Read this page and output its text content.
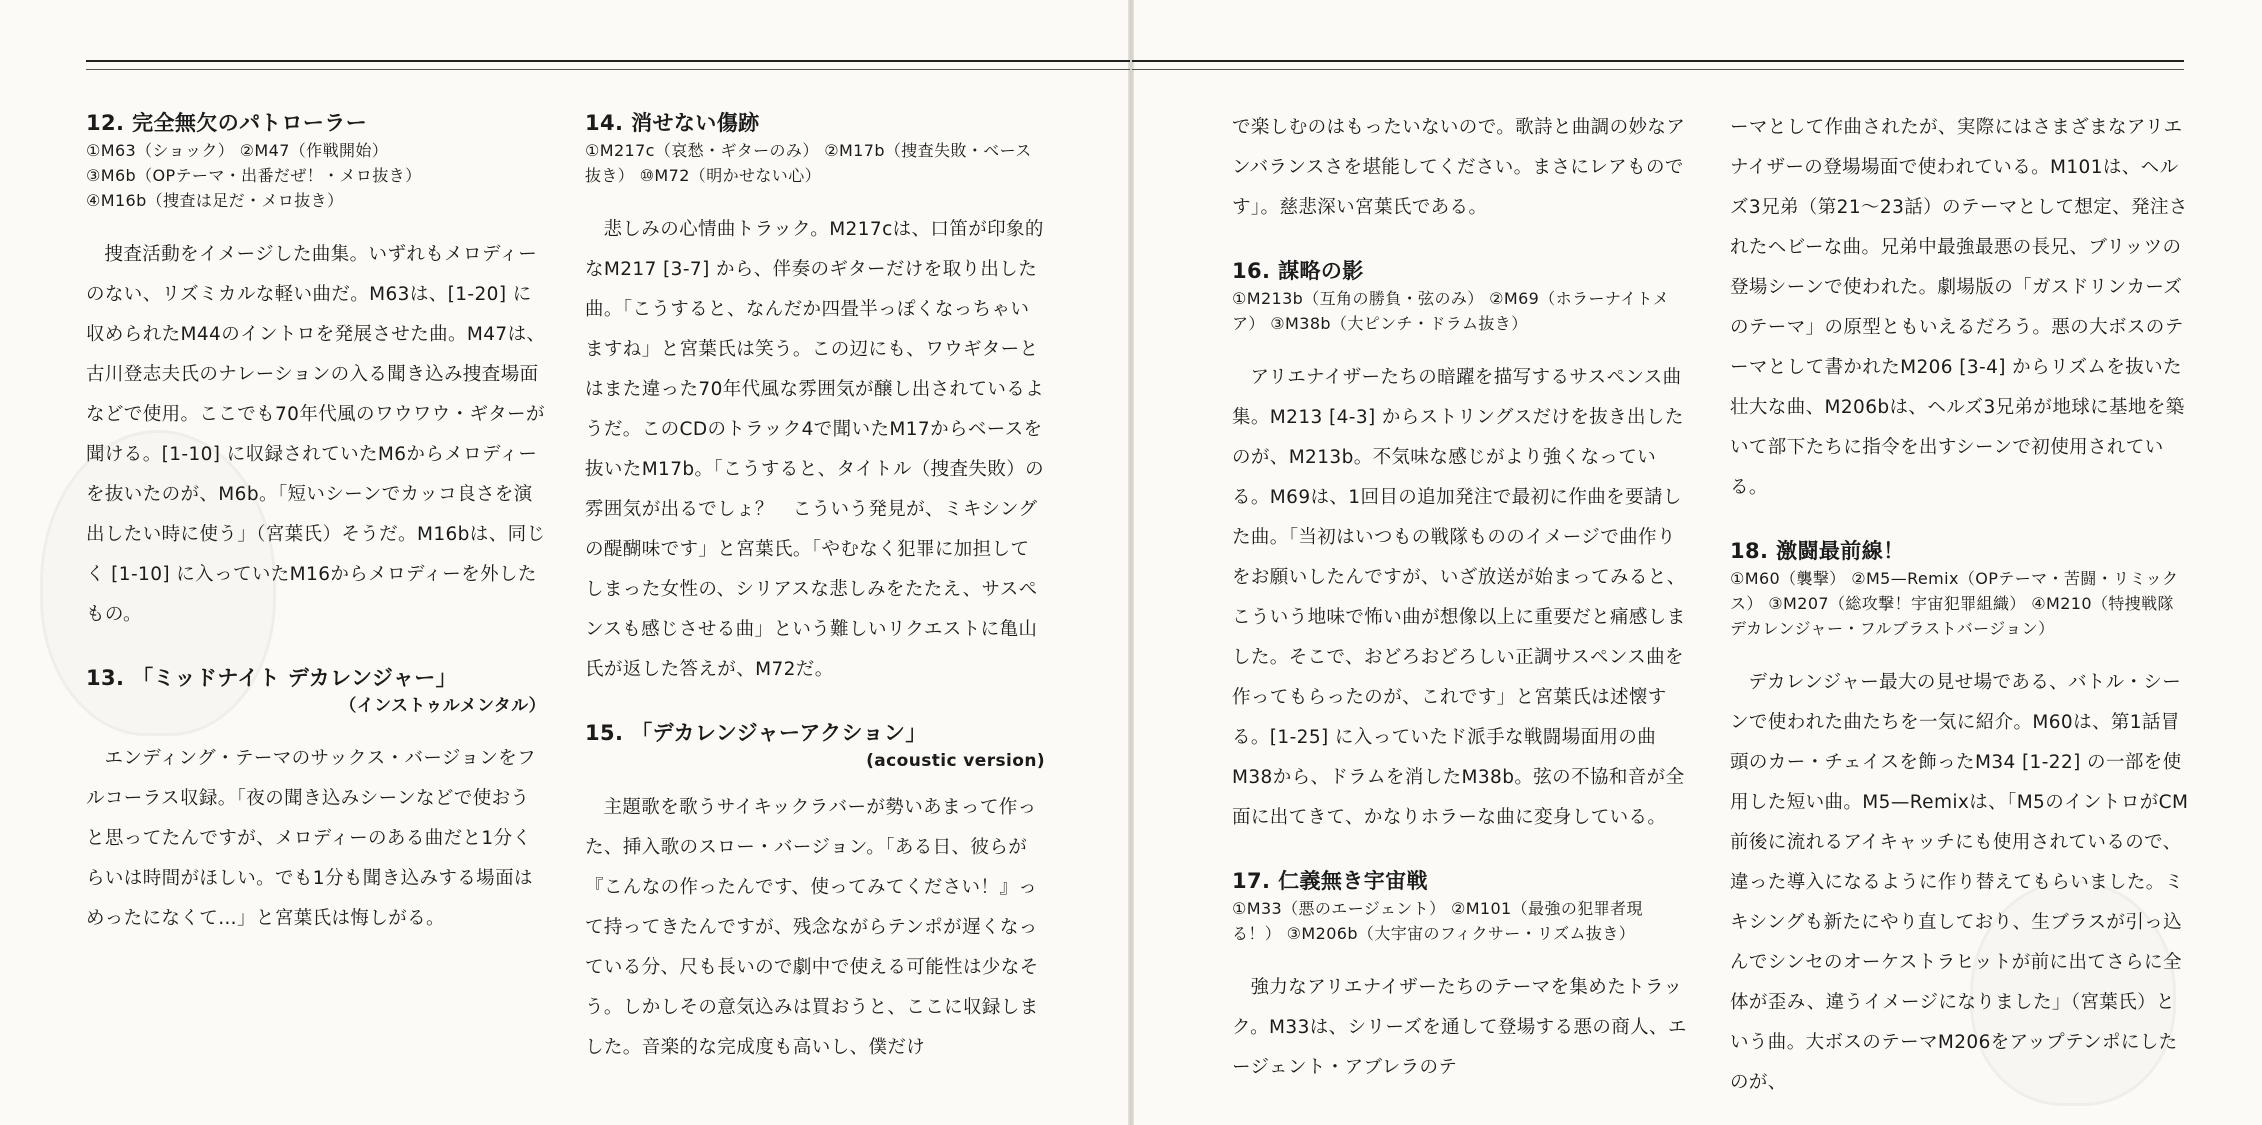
12. 完全無欠のパトローラー

①M63（ショック） ②M47（作戦開始）
③M6b（OPテーマ・出番だぜ！・メロ抜き）
④M16b（捜査は足だ・メロ抜き）

捜査活動をイメージした曲集。いずれもメロディーのない、リズミカルな軽い曲だ。M63は、[1-20] に収められたM44のイントロを発展させた曲。M47は、古川登志夫氏のナレーションの入る聞き込み捜査場面などで使用。ここでも70年代風のワウワウ・ギターが聞ける。[1-10] に収録されていたM6からメロディーを抜いたのが、M6b。「短いシーンでカッコ良さを演出したい時に使う」（宮葉氏）そうだ。M16bは、同じく [1-10] に入っていたM16からメロディーを外したもの。

13. 「ミッドナイト デカレンジャー」

（インストゥルメンタル）

エンディング・テーマのサックス・バージョンをフルコーラス収録。「夜の聞き込みシーンなどで使おうと思ってたんですが、メロディーのある曲だと1分くらいは時間がほしい。でも1分も聞き込みする場面はめったになくて…」と宮葉氏は悔しがる。

14. 消せない傷跡

①M217c（哀愁・ギターのみ） ②M17b（捜査失敗・ベース抜き） ⑩M72（明かせない心）

悲しみの心情曲トラック。M217cは、口笛が印象的なM217 [3-7] から、伴奏のギターだけを取り出した曲。「こうすると、なんだか四畳半っぽくなっちゃいますね」と宮葉氏は笑う。この辺にも、ワウギターとはまた違った70年代風な雰囲気が醸し出されているようだ。このCDのトラック4で聞いたM17からベースを抜いたM17b。「こうすると、タイトル（捜査失敗）の雰囲気が出るでしょ？　こういう発見が、ミキシングの醍醐味です」と宮葉氏。「やむなく犯罪に加担してしまった女性の、シリアスな悲しみをたたえ、サスペンスも感じさせる曲」という難しいリクエストに亀山氏が返した答えが、M72だ。

15. 「デカレンジャーアクション」

(acoustic version)

主題歌を歌うサイキックラバーが勢いあまって作った、挿入歌のスロー・バージョン。「ある日、彼らが『こんなの作ったんです、使ってみてください！』って持ってきたんですが、残念ながらテンポが遅くなっている分、尺も長いので劇中で使える可能性は少なそう。しかしその意気込みは買おうと、ここに収録しました。音楽的な完成度も高いし、僕だけ

で楽しむのはもったいないので。歌詩と曲調の妙なアンバランスさを堪能してください。まさにレアものです」。慈悲深い宮葉氏である。

16. 謀略の影

①M213b（互角の勝負・弦のみ） ②M69（ホラーナイトメア） ③M38b（大ピンチ・ドラム抜き）

アリエナイザーたちの暗躍を描写するサスペンス曲集。M213 [4-3] からストリングスだけを抜き出したのが、M213b。不気味な感じがより強くなっている。M69は、1回目の追加発注で最初に作曲を要請した曲。「当初はいつもの戦隊もののイメージで曲作りをお願いしたんですが、いざ放送が始まってみると、こういう地味で怖い曲が想像以上に重要だと痛感しました。そこで、おどろおどろしい正調サスペンス曲を作ってもらったのが、これです」と宮葉氏は述懐する。[1-25] に入っていたド派手な戦闘場面用の曲M38から、ドラムを消したM38b。弦の不協和音が全面に出てきて、かなりホラーな曲に変身している。

17. 仁義無き宇宙戦

①M33（悪のエージェント） ②M101（最強の犯罪者現る！） ③M206b（大宇宙のフィクサー・リズム抜き）

強力なアリエナイザーたちのテーマを集めたトラック。M33は、シリーズを通して登場する悪の商人、エージェント・アブレラのテ

ーマとして作曲されたが、実際にはさまざまなアリエナイザーの登場場面で使われている。M101は、ヘルズ3兄弟（第21〜23話）のテーマとして想定、発注されたヘビーな曲。兄弟中最強最悪の長兄、ブリッツの登場シーンで使われた。劇場版の「ガスドリンカーズのテーマ」の原型ともいえるだろう。悪の大ボスのテーマとして書かれたM206 [3-4] からリズムを抜いた壮大な曲、M206bは、ヘルズ3兄弟が地球に基地を築いて部下たちに指令を出すシーンで初使用されている。

18. 激闘最前線！

①M60（襲撃） ②M5—Remix（OPテーマ・苦闘・リミックス） ③M207（総攻撃！宇宙犯罪組織） ④M210（特捜戦隊デカレンジャー・フルブラストバージョン）

デカレンジャー最大の見せ場である、バトル・シーンで使われた曲たちを一気に紹介。M60は、第1話冒頭のカー・チェイスを飾ったM34 [1-22] の一部を使用した短い曲。M5—Remixは、「M5のイントロがCM前後に流れるアイキャッチにも使用されているので、違った導入になるように作り替えてもらいました。ミキシングも新たにやり直しており、生ブラスが引っ込んでシンセのオーケストラヒットが前に出てさらに全体が歪み、違うイメージになりました」（宮葉氏）という曲。大ボスのテーマM206をアップテンポにしたのが、
